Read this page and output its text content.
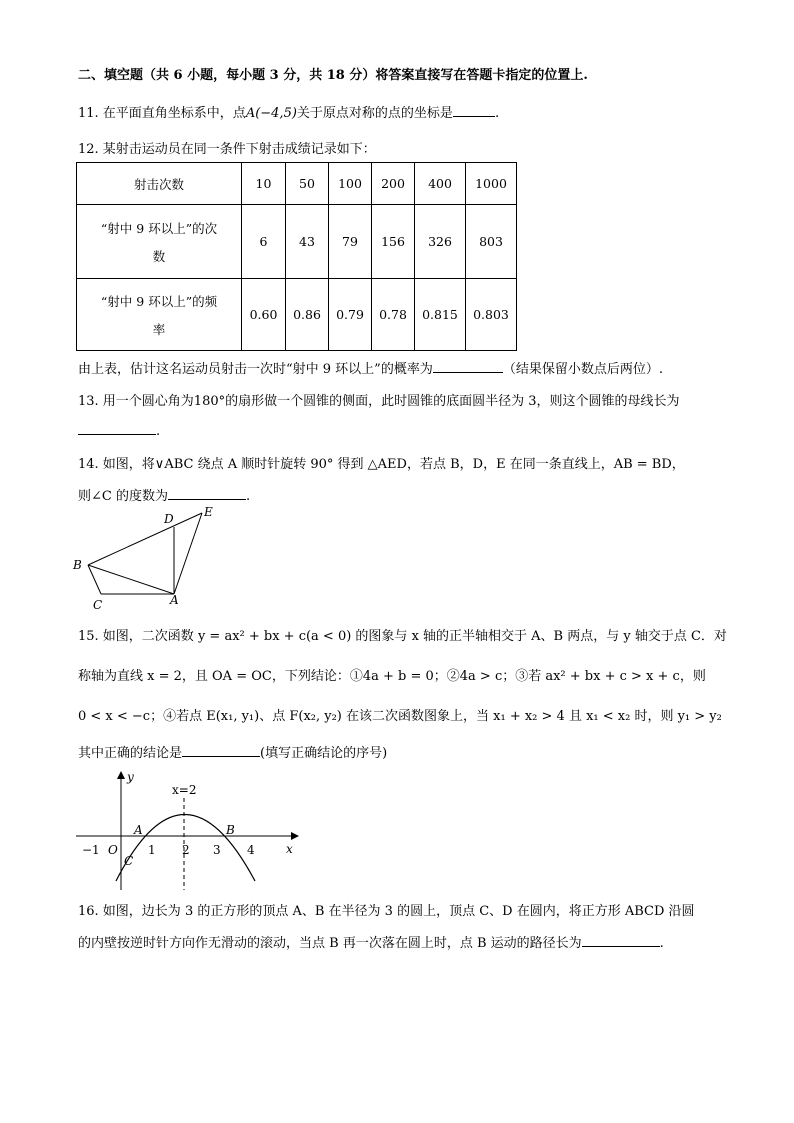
二、填空题（共 6 小题，每小题 3 分，共 18 分）将答案直接写在答题卡指定的位置上.
11. 在平面直角坐标系中，点A(−4,5)关于原点对称的点的坐标是	.
12. 某射击运动员在同一条件下射击成绩记录如下：
射击次数	10	50	100	200	400	1000

“射中 9 环以上”的次
数	6	43	79	156	326	803

“射中 9 环以上”的频
率	0.60	0.86	0.79	0.78	0.815	0.803
由上表，估计这名运动员射击一次时“射中 9 环以上”的概率为	（结果保留小数点后两位）.
13. 用一个圆心角为180°的扇形做一个圆锥的侧面，此时圆锥的底面圆半径为 3，则这个圆锥的母线长为
.
14. 如图，将∨ABC 绕点 A 顺时针旋转 90° 得到 △AED，若点 B，D，E 在同一条直线上，AB = BD，
则∠C 的度数为	.
B
C	A
D	E
15. 如图，二次函数 y = ax² + bx + c(a < 0) 的图象与 x 轴的正半轴相交于 A、B 两点，与 y 轴交于点 C．对
称轴为直线 x = 2，且 OA = OC，下列结论：①4a + b = 0；②4a > c；③若 ax² + bx + c > x + c，则
0 < x < −c；④若点 E(x₁, y₁)、点 F(x₂, y₂) 在该二次函数图象上，当 x₁ + x₂ > 4 且 x₁ < x₂ 时，则 y₁ > y₂
其中正确的结论是	(填写正确结论的序号)
y
x
x=2
A	B
C
O
−1	1 2 3 4
16. 如图，边长为 3 的正方形的顶点 A、B 在半径为 3 的圆上，顶点 C、D 在圆内，将正方形 ABCD 沿圆
的内壁按逆时针方向作无滑动的滚动，当点 B 再一次落在圆上时，点 B 运动的路径长为	.
